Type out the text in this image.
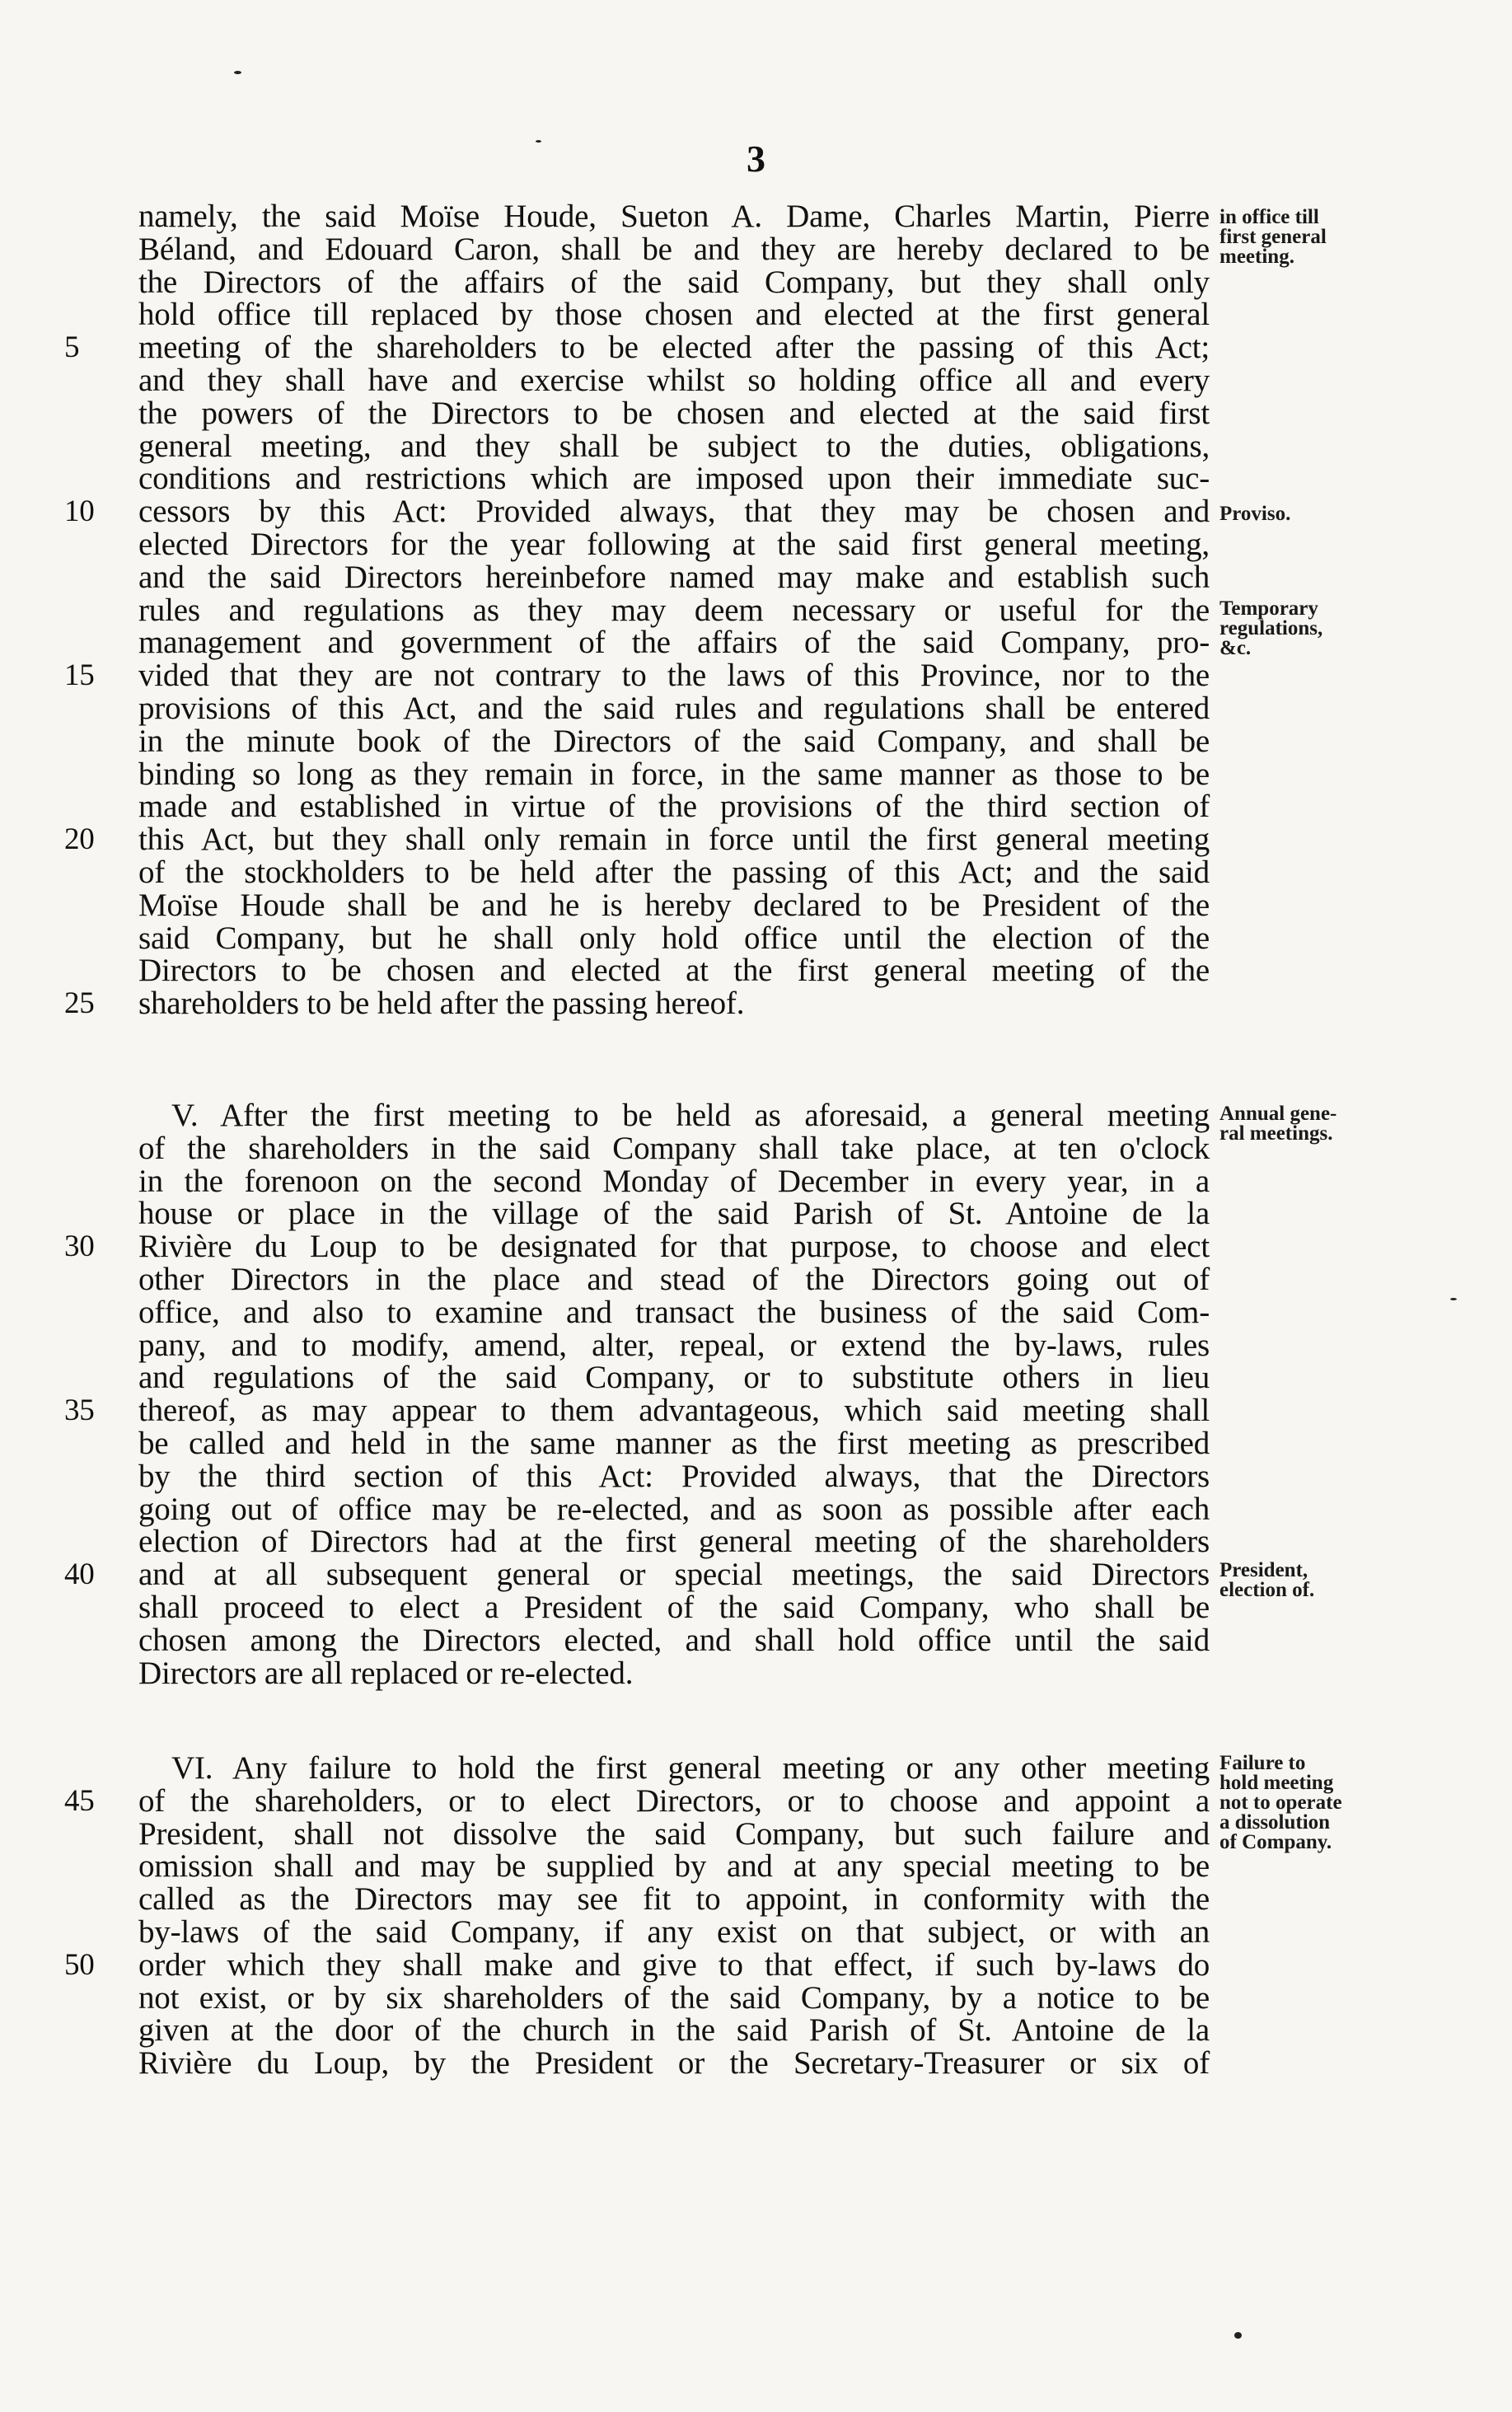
3
namely, the said Moïse Houde, Sueton A. Dame, Charles Martin, Pierre
Béland, and Edouard Caron, shall be and they are hereby declared to be
the Directors of the affairs of the said Company, but they shall only
hold office till replaced by those chosen and elected at the first general
5	meeting of the shareholders to be elected after the passing of this Act;
and they shall have and exercise whilst so holding office all and every
the powers of the Directors to be chosen and elected at the said first
general meeting, and they shall be subject to the duties, obligations,
conditions and restrictions which are imposed upon their immediate suc-
10	cessors by this Act: Provided always, that they may be chosen and
elected Directors for the year following at the said first general meeting,
and the said Directors hereinbefore named may make and establish such
rules and regulations as they may deem necessary or useful for the
management and government of the affairs of the said Company, pro-
15	vided that they are not contrary to the laws of this Province, nor to the
provisions of this Act, and the said rules and regulations shall be entered
in the minute book of the Directors of the said Company, and shall be
binding so long as they remain in force, in the same manner as those to be
made and established in virtue of the provisions of the third section of
20	this Act, but they shall only remain in force until the first general meeting
of the stockholders to be held after the passing of this Act; and the said
Moïse Houde shall be and he is hereby declared to be President of the
said Company, but he shall only hold office until the election of the
Directors to be chosen and elected at the first general meeting of the
25	shareholders to be held after the passing hereof.
V. After the first meeting to be held as aforesaid, a general meeting
of the shareholders in the said Company shall take place, at ten o'clock
in the forenoon on the second Monday of December in every year, in a
house or place in the village of the said Parish of St. Antoine de la
30	Rivière du Loup to be designated for that purpose, to choose and elect
other Directors in the place and stead of the Directors going out of
office, and also to examine and transact the business of the said Com-
pany, and to modify, amend, alter, repeal, or extend the by-laws, rules
and regulations of the said Company, or to substitute others in lieu
35	thereof, as may appear to them advantageous, which said meeting shall
be called and held in the same manner as the first meeting as prescribed
by the third section of this Act: Provided always, that the Directors
going out of office may be re-elected, and as soon as possible after each
election of Directors had at the first general meeting of the shareholders
40	and at all subsequent general or special meetings, the said Directors
shall proceed to elect a President of the said Company, who shall be
chosen among the Directors elected, and shall hold office until the said
Directors are all replaced or re-elected.
VI. Any failure to hold the first general meeting or any other meeting
45	of the shareholders, or to elect Directors, or to choose and appoint a
President, shall not dissolve the said Company, but such failure and
omission shall and may be supplied by and at any special meeting to be
called as the Directors may see fit to appoint, in conformity with the
by-laws of the said Company, if any exist on that subject, or with an
50	order which they shall make and give to that effect, if such by-laws do
not exist, or by six shareholders of the said Company, by a notice to be
given at the door of the church in the said Parish of St. Antoine de la
Rivière du Loup, by the President or the Secretary-Treasurer or six of
in office till
first general
meeting.
Proviso.
Temporary
regulations,
&c.
Annual gene-
ral meetings.
President,
election of.
Failure to
hold meeting
not to operate
a dissolution
of Company.
